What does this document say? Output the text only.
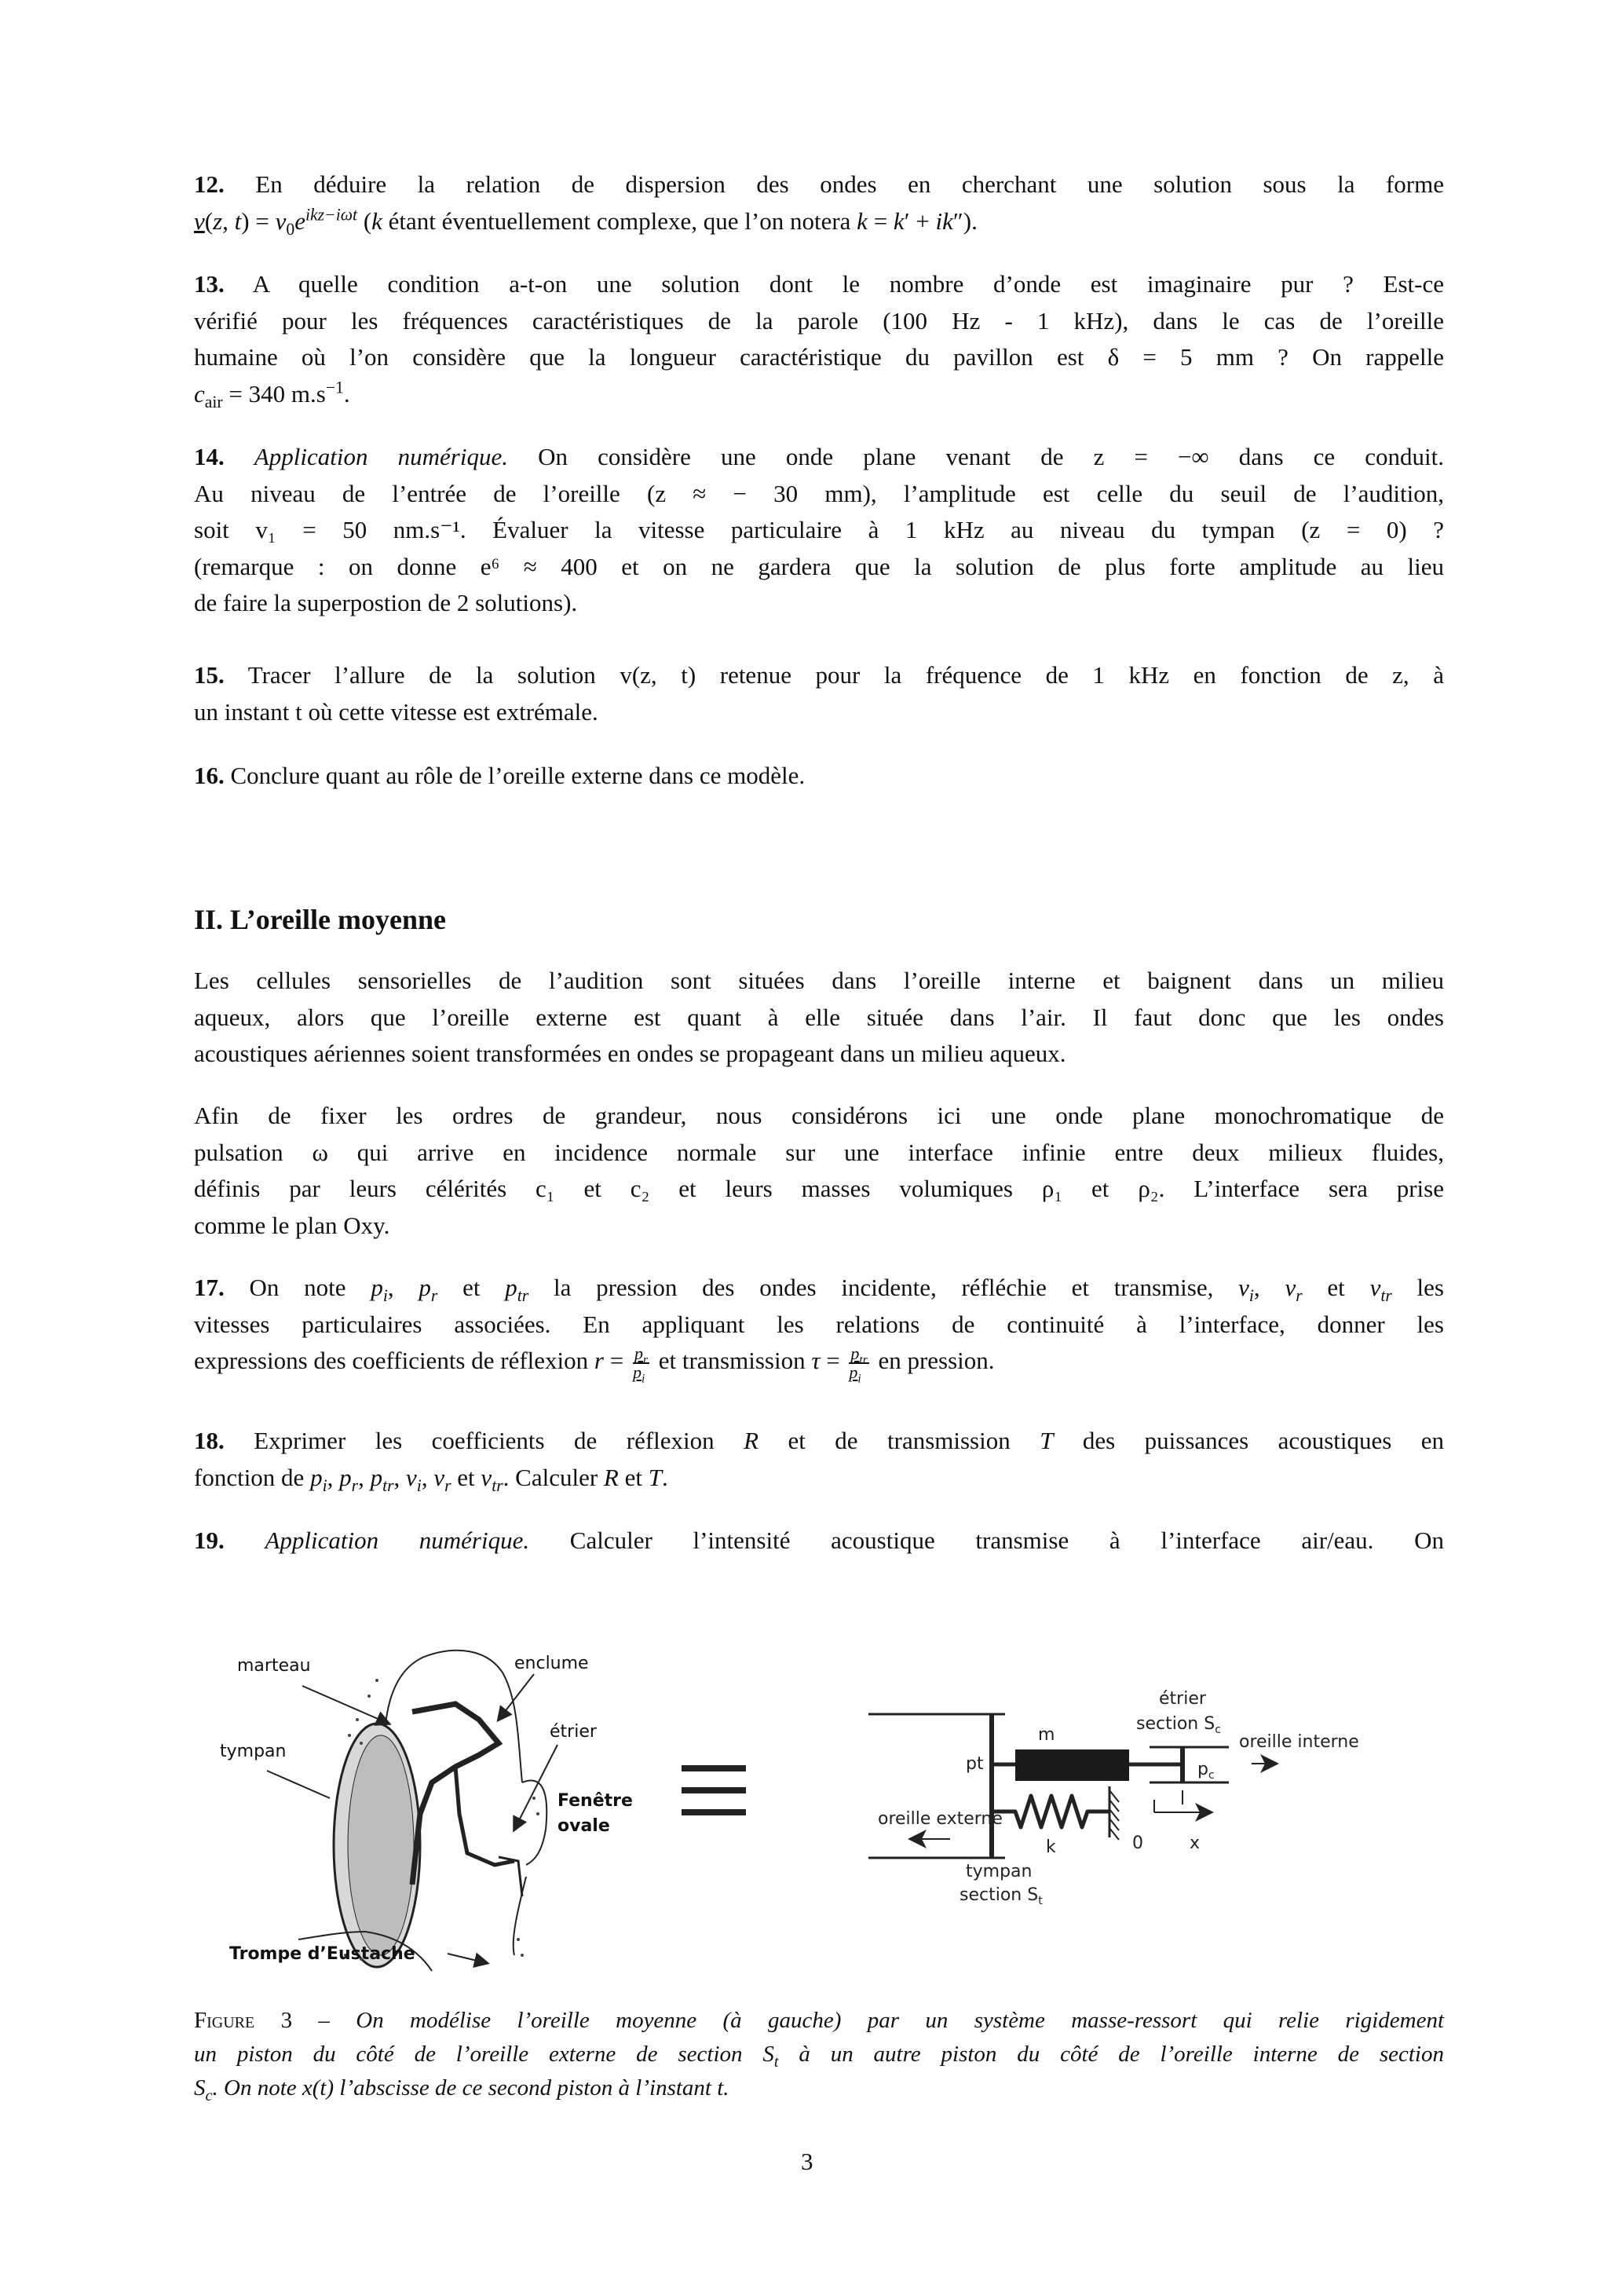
12. En déduire la relation de dispersion des ondes en cherchant une solution sous la forme
v(z, $t) = v_0e^{ikz-i\omega t}$ (k étant éventuellement complexe, que l’on notera k = k′ + ik″).
13. A quelle condition a-t-on une solution dont le nombre d’onde est imaginaire pur ? Est-ce
vérifié pour les fréquences caractéristiques de la parole (100 Hz - 1 kHz), dans le cas de l’oreille
humaine où l’on considère que la longueur caractéristique du pavillon est δ = 5 mm ? On rappelle
$c_{air} = 340$ $m.s^{-1}$.
14. Application numérique. On considère une onde plane venant de z = −∞ dans ce conduit.
Au niveau de l’entrée de l’oreille (z ≈ − 30 mm), l’amplitude est celle du seuil de l’audition,
soit v₁ = 50 nm.s⁻¹. Évaluer la vitesse particulaire à 1 kHz au niveau du tympan (z = 0) ?
(remarque : on donne e⁶ ≈ 400 et on ne gardera que la solution de plus forte amplitude au lieu
de faire la superpostion de 2 solutions).
15. Tracer l’allure de la solution v(z, t) retenue pour la fréquence de 1 kHz en fonction de z, à
un instant t où cette vitesse est extrémale.
16. Conclure quant au rôle de l’oreille externe dans ce modèle.
II. L’oreille moyenne
Les cellules sensorielles de l’audition sont situées dans l’oreille interne et baignent dans un milieu
aqueux, alors que l’oreille externe est quant à elle située dans l’air. Il faut donc que les ondes
acoustiques aériennes soient transformées en ondes se propageant dans un milieu aqueux.
Afin de fixer les ordres de grandeur, nous considérons ici une onde plane monochromatique de
pulsation ω qui arrive en incidence normale sur une interface infinie entre deux milieux fluides,
définis par leurs célérités c₁ et c₂ et leurs masses volumiques ρ₁ et ρ₂. L’interface sera prise
comme le plan Oxy.
17. On note $p_i$, $p_r$ et $p_{tr}$ la pression des ondes incidente, réfléchie et transmise, $v_i$, $v_r$ et $v_{tr}$ les
vitesses particulaires associées. En appliquant les relations de continuité à l’interface, donner les
expressions des coefficients de réflexion $r = \frac{p_r}{p_i}$ et transmission $\tau = \frac{p_{tr}}{p_i}$ en pression.
18. Exprimer les coefficients de réflexion R et de transmission T des puissances acoustiques en
fonction de $p_i$, $p_r$, $p_{tr}$, $v_i$, $v_r$ et $v_{tr}$. Calculer R et T.
19. Application numérique. Calculer l’intensité acoustique transmise à l’interface air/eau. On
marteau	enclume
étrier
tympan
Fenêtre
ovale
Trompe d’Eustache
m
pt
k	0	x
$p_c$
étrier
section $S_c$
oreille interne
oreille externe
tympan
section $S_t$
Figure 3 – On modélise l’oreille moyenne (à gauche) par un système masse-ressort qui relie rigidement
un piston du côté de l’oreille externe de section $S_t$ à un autre piston du côté de l’oreille interne de section
$S_c$. On note x(t) l’abscisse de ce second piston à l’instant t.
3
